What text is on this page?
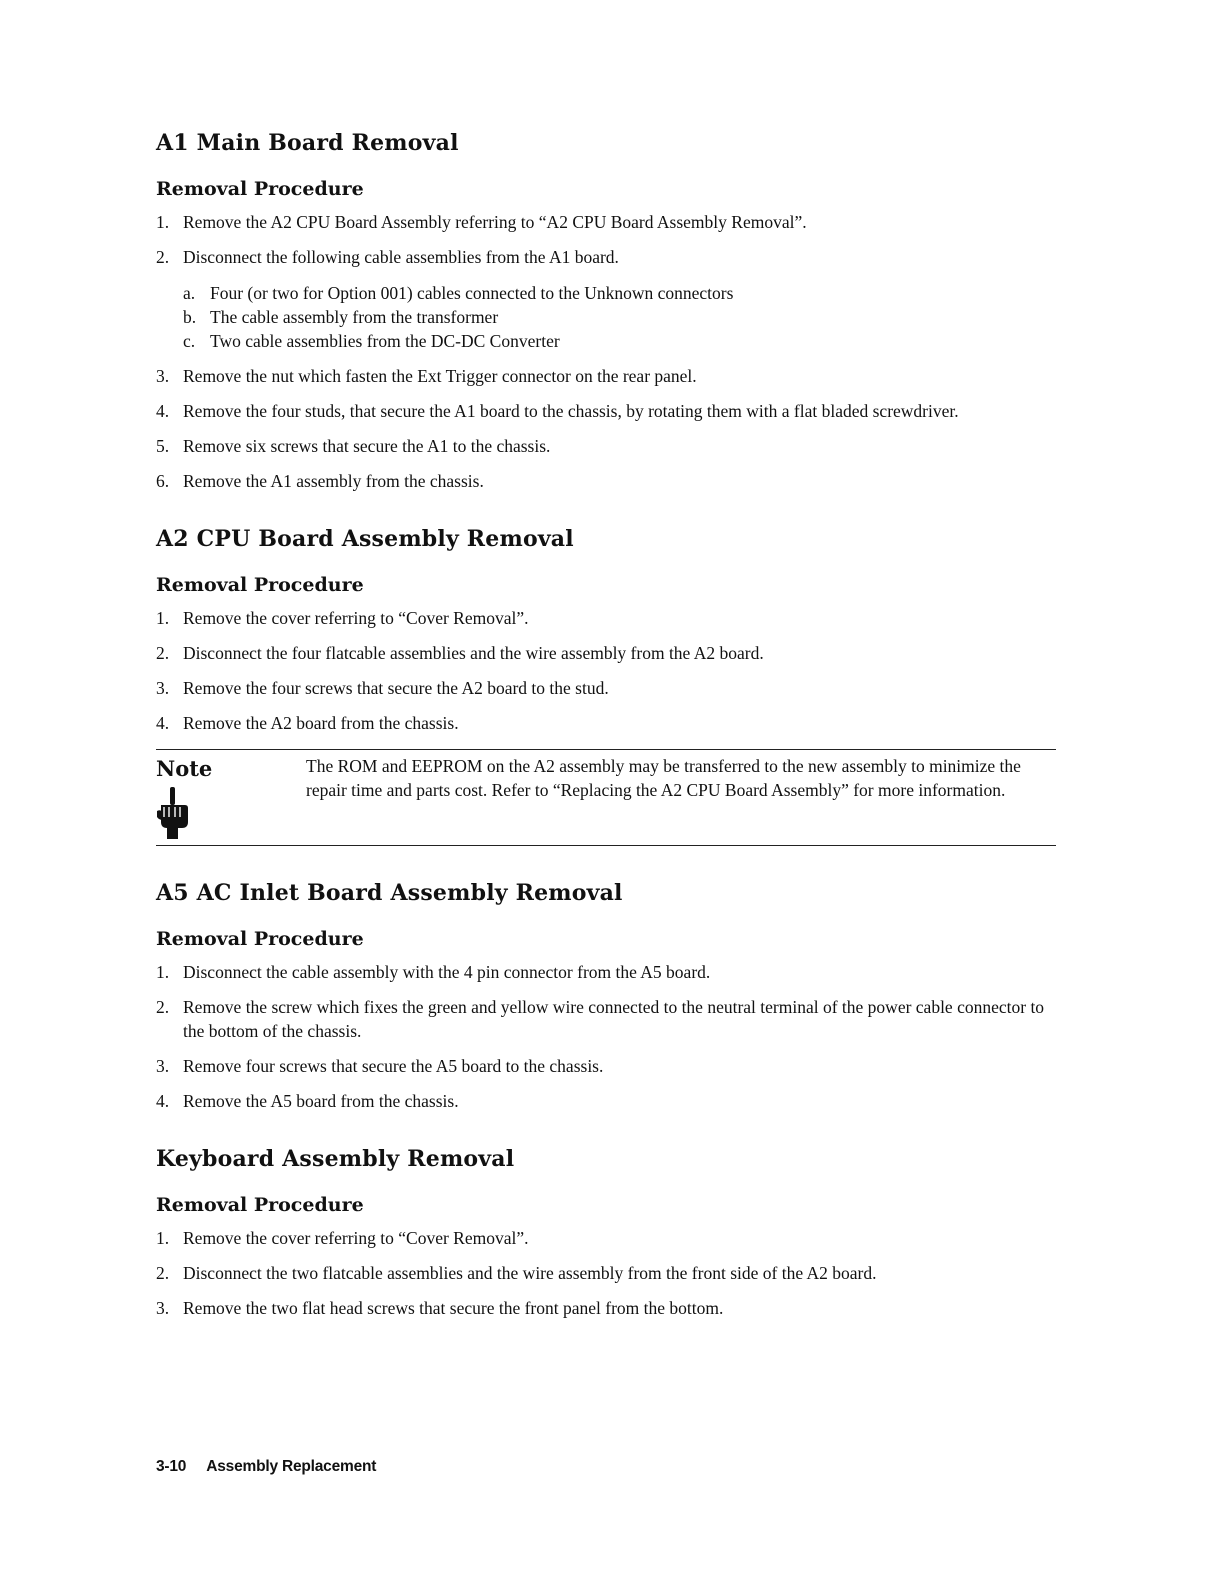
A1 Main Board Removal
Removal Procedure
1. Remove the A2 CPU Board Assembly referring to “A2 CPU Board Assembly Removal”.
2. Disconnect the following cable assemblies from the A1 board.
a. Four (or two for Option 001) cables connected to the Unknown connectors
b. The cable assembly from the transformer
c. Two cable assemblies from the DC-DC Converter
3. Remove the nut which fasten the Ext Trigger connector on the rear panel.
4. Remove the four studs, that secure the A1 board to the chassis, by rotating them with a flat bladed screwdriver.
5. Remove six screws that secure the A1 to the chassis.
6. Remove the A1 assembly from the chassis.
A2 CPU Board Assembly Removal
Removal Procedure
1. Remove the cover referring to “Cover Removal”.
2. Disconnect the four flatcable assemblies and the wire assembly from the A2 board.
3. Remove the four screws that secure the A2 board to the stud.
4. Remove the A2 board from the chassis.
Note	The ROM and EEPROM on the A2 assembly may be transferred to the new assembly to minimize the repair time and parts cost. Refer to “Replacing the A2 CPU Board Assembly” for more information.
A5 AC Inlet Board Assembly Removal
Removal Procedure
1. Disconnect the cable assembly with the 4 pin connector from the A5 board.
2. Remove the screw which fixes the green and yellow wire connected to the neutral terminal of the power cable connector to the bottom of the chassis.
3. Remove four screws that secure the A5 board to the chassis.
4. Remove the A5 board from the chassis.
Keyboard Assembly Removal
Removal Procedure
1. Remove the cover referring to “Cover Removal”.
2. Disconnect the two flatcable assemblies and the wire assembly from the front side of the A2 board.
3. Remove the two flat head screws that secure the front panel from the bottom.
3-10 Assembly Replacement
